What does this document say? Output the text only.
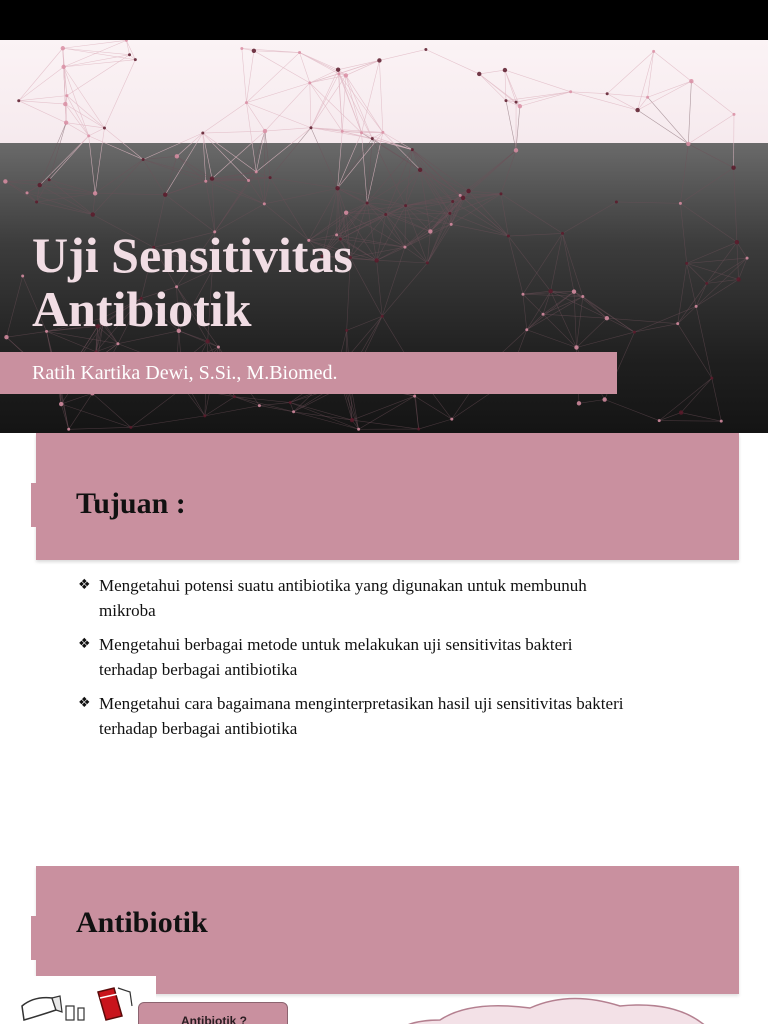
Uji Sensitivitas
Antibiotik
Ratih Kartika Dewi, S.Si., M.Biomed.
Tujuan :
❖ Mengetahui potensi suatu antibiotika yang digunakan untuk membunuh
mikroba
❖ Mengetahui berbagai metode untuk melakukan uji sensitivitas bakteri
terhadap berbagai antibiotika
❖ Mengetahui cara bagaimana menginterpretasikan hasil uji sensitivitas bakteri
terhadap berbagai antibiotika
Antibiotik
Antibiotik ?
